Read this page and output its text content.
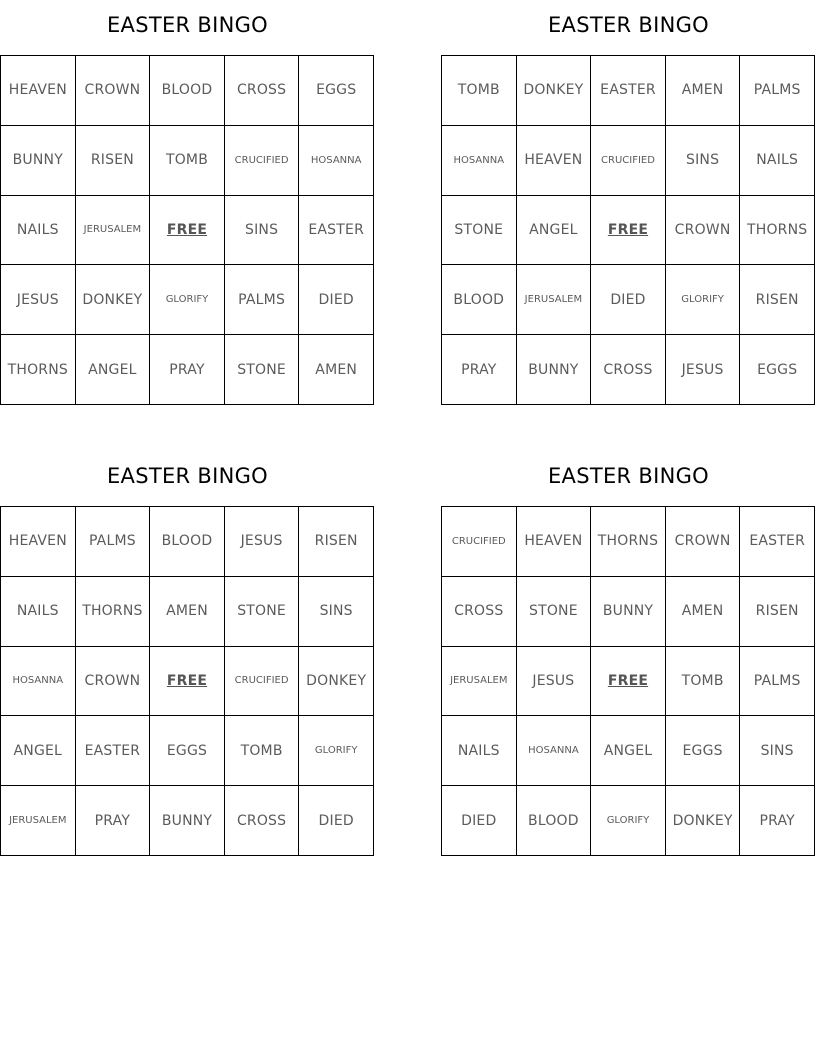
EASTER BINGO
HEAVEN	CROWN	BLOOD	CROSS	EGGS
BUNNY	RISEN	TOMB	CRUCIFIED	HOSANNA
NAILS	JERUSALEM	FREE	SINS	EASTER
JESUS	DONKEY	GLORIFY	PALMS	DIED
THORNS	ANGEL	PRAY	STONE	AMEN
EASTER BINGO
TOMB	DONKEY	EASTER	AMEN	PALMS
HOSANNA	HEAVEN	CRUCIFIED	SINS	NAILS
STONE	ANGEL	FREE	CROWN	THORNS
BLOOD	JERUSALEM	DIED	GLORIFY	RISEN
PRAY	BUNNY	CROSS	JESUS	EGGS
EASTER BINGO
HEAVEN	PALMS	BLOOD	JESUS	RISEN
NAILS	THORNS	AMEN	STONE	SINS
HOSANNA	CROWN	FREE	CRUCIFIED	DONKEY
ANGEL	EASTER	EGGS	TOMB	GLORIFY
JERUSALEM	PRAY	BUNNY	CROSS	DIED
EASTER BINGO
CRUCIFIED	HEAVEN	THORNS	CROWN	EASTER
CROSS	STONE	BUNNY	AMEN	RISEN
JERUSALEM	JESUS	FREE	TOMB	PALMS
NAILS	HOSANNA	ANGEL	EGGS	SINS
DIED	BLOOD	GLORIFY	DONKEY	PRAY
